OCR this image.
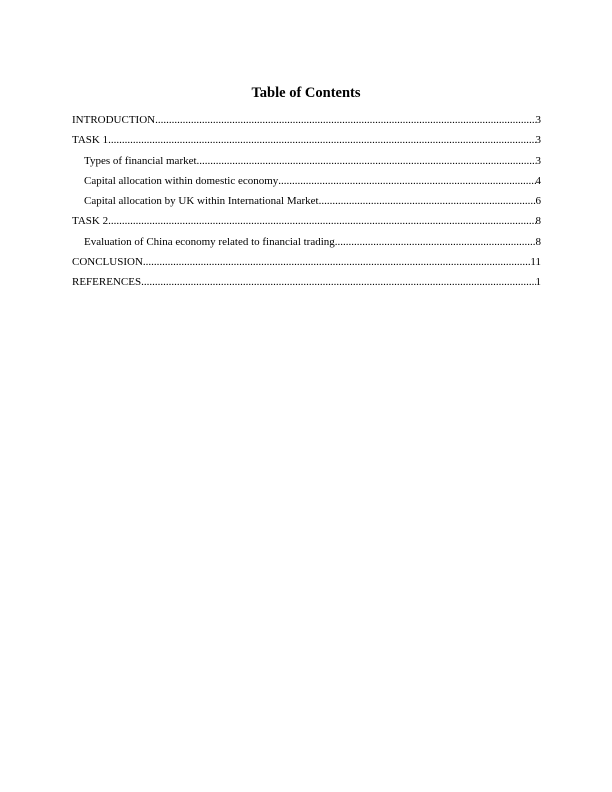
Table of Contents
INTRODUCTION .....	3
TASK 1 .....	3
Types of financial market .....	3
Capital allocation within domestic economy .....	4
Capital allocation by UK within International Market .....	6
TASK 2 .....	8
Evaluation of China economy related to financial trading .....	8
CONCLUSION .....	11
REFERENCES .....	1
